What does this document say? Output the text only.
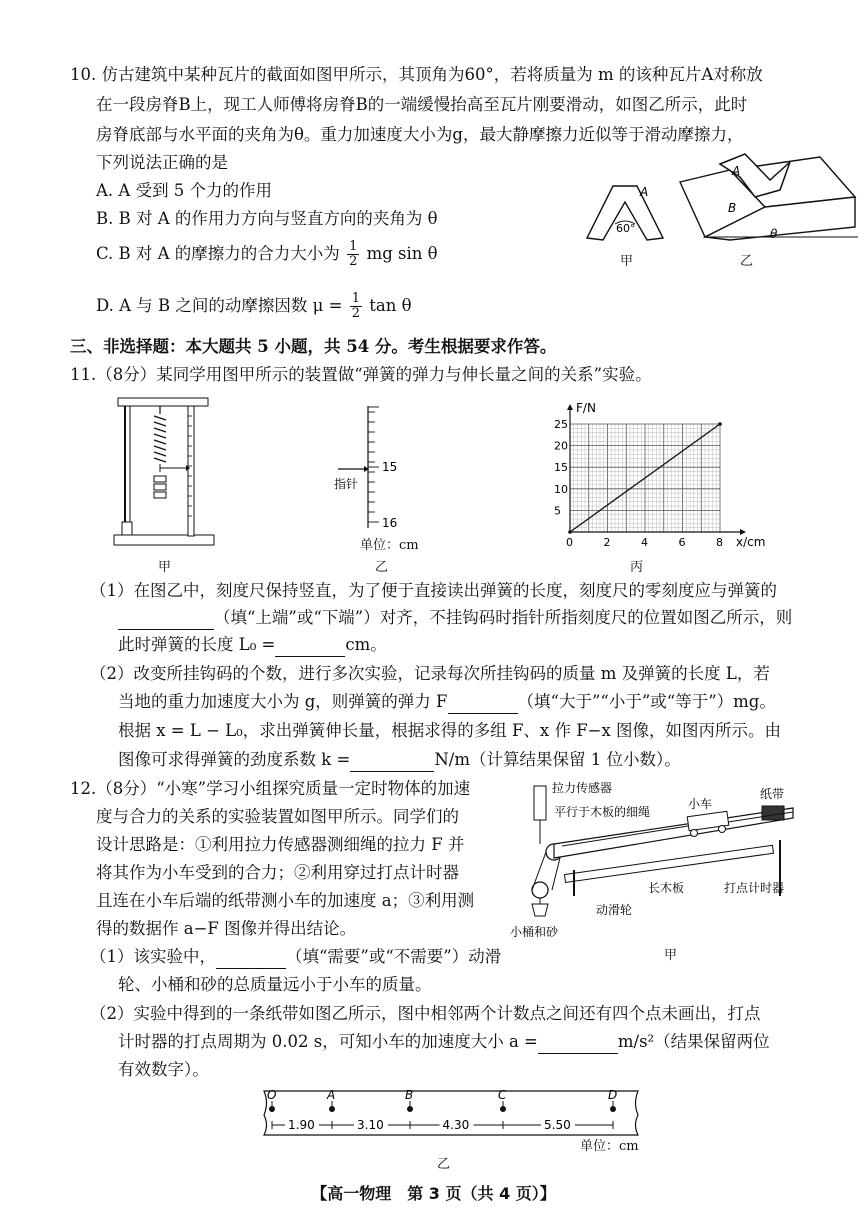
10. 仿古建筑中某种瓦片的截面如图甲所示，其顶角为60°，若将质量为 m 的该种瓦片A对称放
在一段房脊B上，现工人师傅将房脊B的一端缓慢抬高至瓦片刚要滑动，如图乙所示，此时
房脊底部与水平面的夹角为θ。重力加速度大小为g，最大静摩擦力近似等于滑动摩擦力，
下列说法正确的是
A. A 受到 5 个力的作用
B. B 对 A 的作用力方向与竖直方向的夹角为 θ
C. B 对 A 的摩擦力的合力大小为 $\frac{1}{2}$ mg sin θ
D. A 与 B 之间的动摩擦因数 $\mu = \frac{1}{2}$ tan θ
60°
A
甲
A
B
θ
乙
三、非选择题：本大题共 5 小题，共 54 分。考生根据要求作答。
11.（8分）某同学用图甲所示的装置做“弹簧的弹力与伸长量之间的关系”实验。
甲
15
16
指针
单位：cm
乙
0	2	4	6	8
5
10
15
20
25
F/N
x/cm
丙
（1）在图乙中，刻度尺保持竖直，为了便于直接读出弹簧的长度，刻度尺的零刻度应与弹簧的
（填“上端”或“下端”）对齐，不挂钩码时指针所指刻度尺的位置如图乙所示，则
此时弹簧的长度 L₀ =	cm。
（2）改变所挂钩码的个数，进行多次实验，记录每次所挂钩码的质量 m 及弹簧的长度 L，若
当地的重力加速度大小为 g，则弹簧的弹力 F	（填“大于”“小于”或“等于”）mg。
根据 x = L − L₀，求出弹簧伸长量，根据求得的多组 F、x 作 F−x 图像，如图丙所示。由
图像可求得弹簧的劲度系数 k =	N/m（计算结果保留 1 位小数）。
12.（8分）“小寒”学习小组探究质量一定时物体的加速
度与合力的关系的实验装置如图甲所示。同学们的
设计思路是：①利用拉力传感器测细绳的拉力 F 并
将其作为小车受到的合力；②利用穿过打点计时器
且连在小车后端的纸带测小车的加速度 a；③利用测
得的数据作 a−F 图像并得出结论。
（1）该实验中，	（填“需要”或“不需要”）动滑
轮、小桶和砂的总质量远小于小车的质量。
（2）实验中得到的一条纸带如图乙所示，图中相邻两个计数点之间还有四个点未画出，打点
计时器的打点周期为 0.02 s，可知小车的加速度大小 a =	m/s²（结果保留两位
有效数字）。
拉力传感器
平行于木板的细绳
小车
纸带
长木板	打点计时器
动滑轮
小桶和砂
甲
O	A	B	C	D
1.90	3.10	4.30	5.50
单位：cm
乙
【高一物理　第 3 页（共 4 页）】
